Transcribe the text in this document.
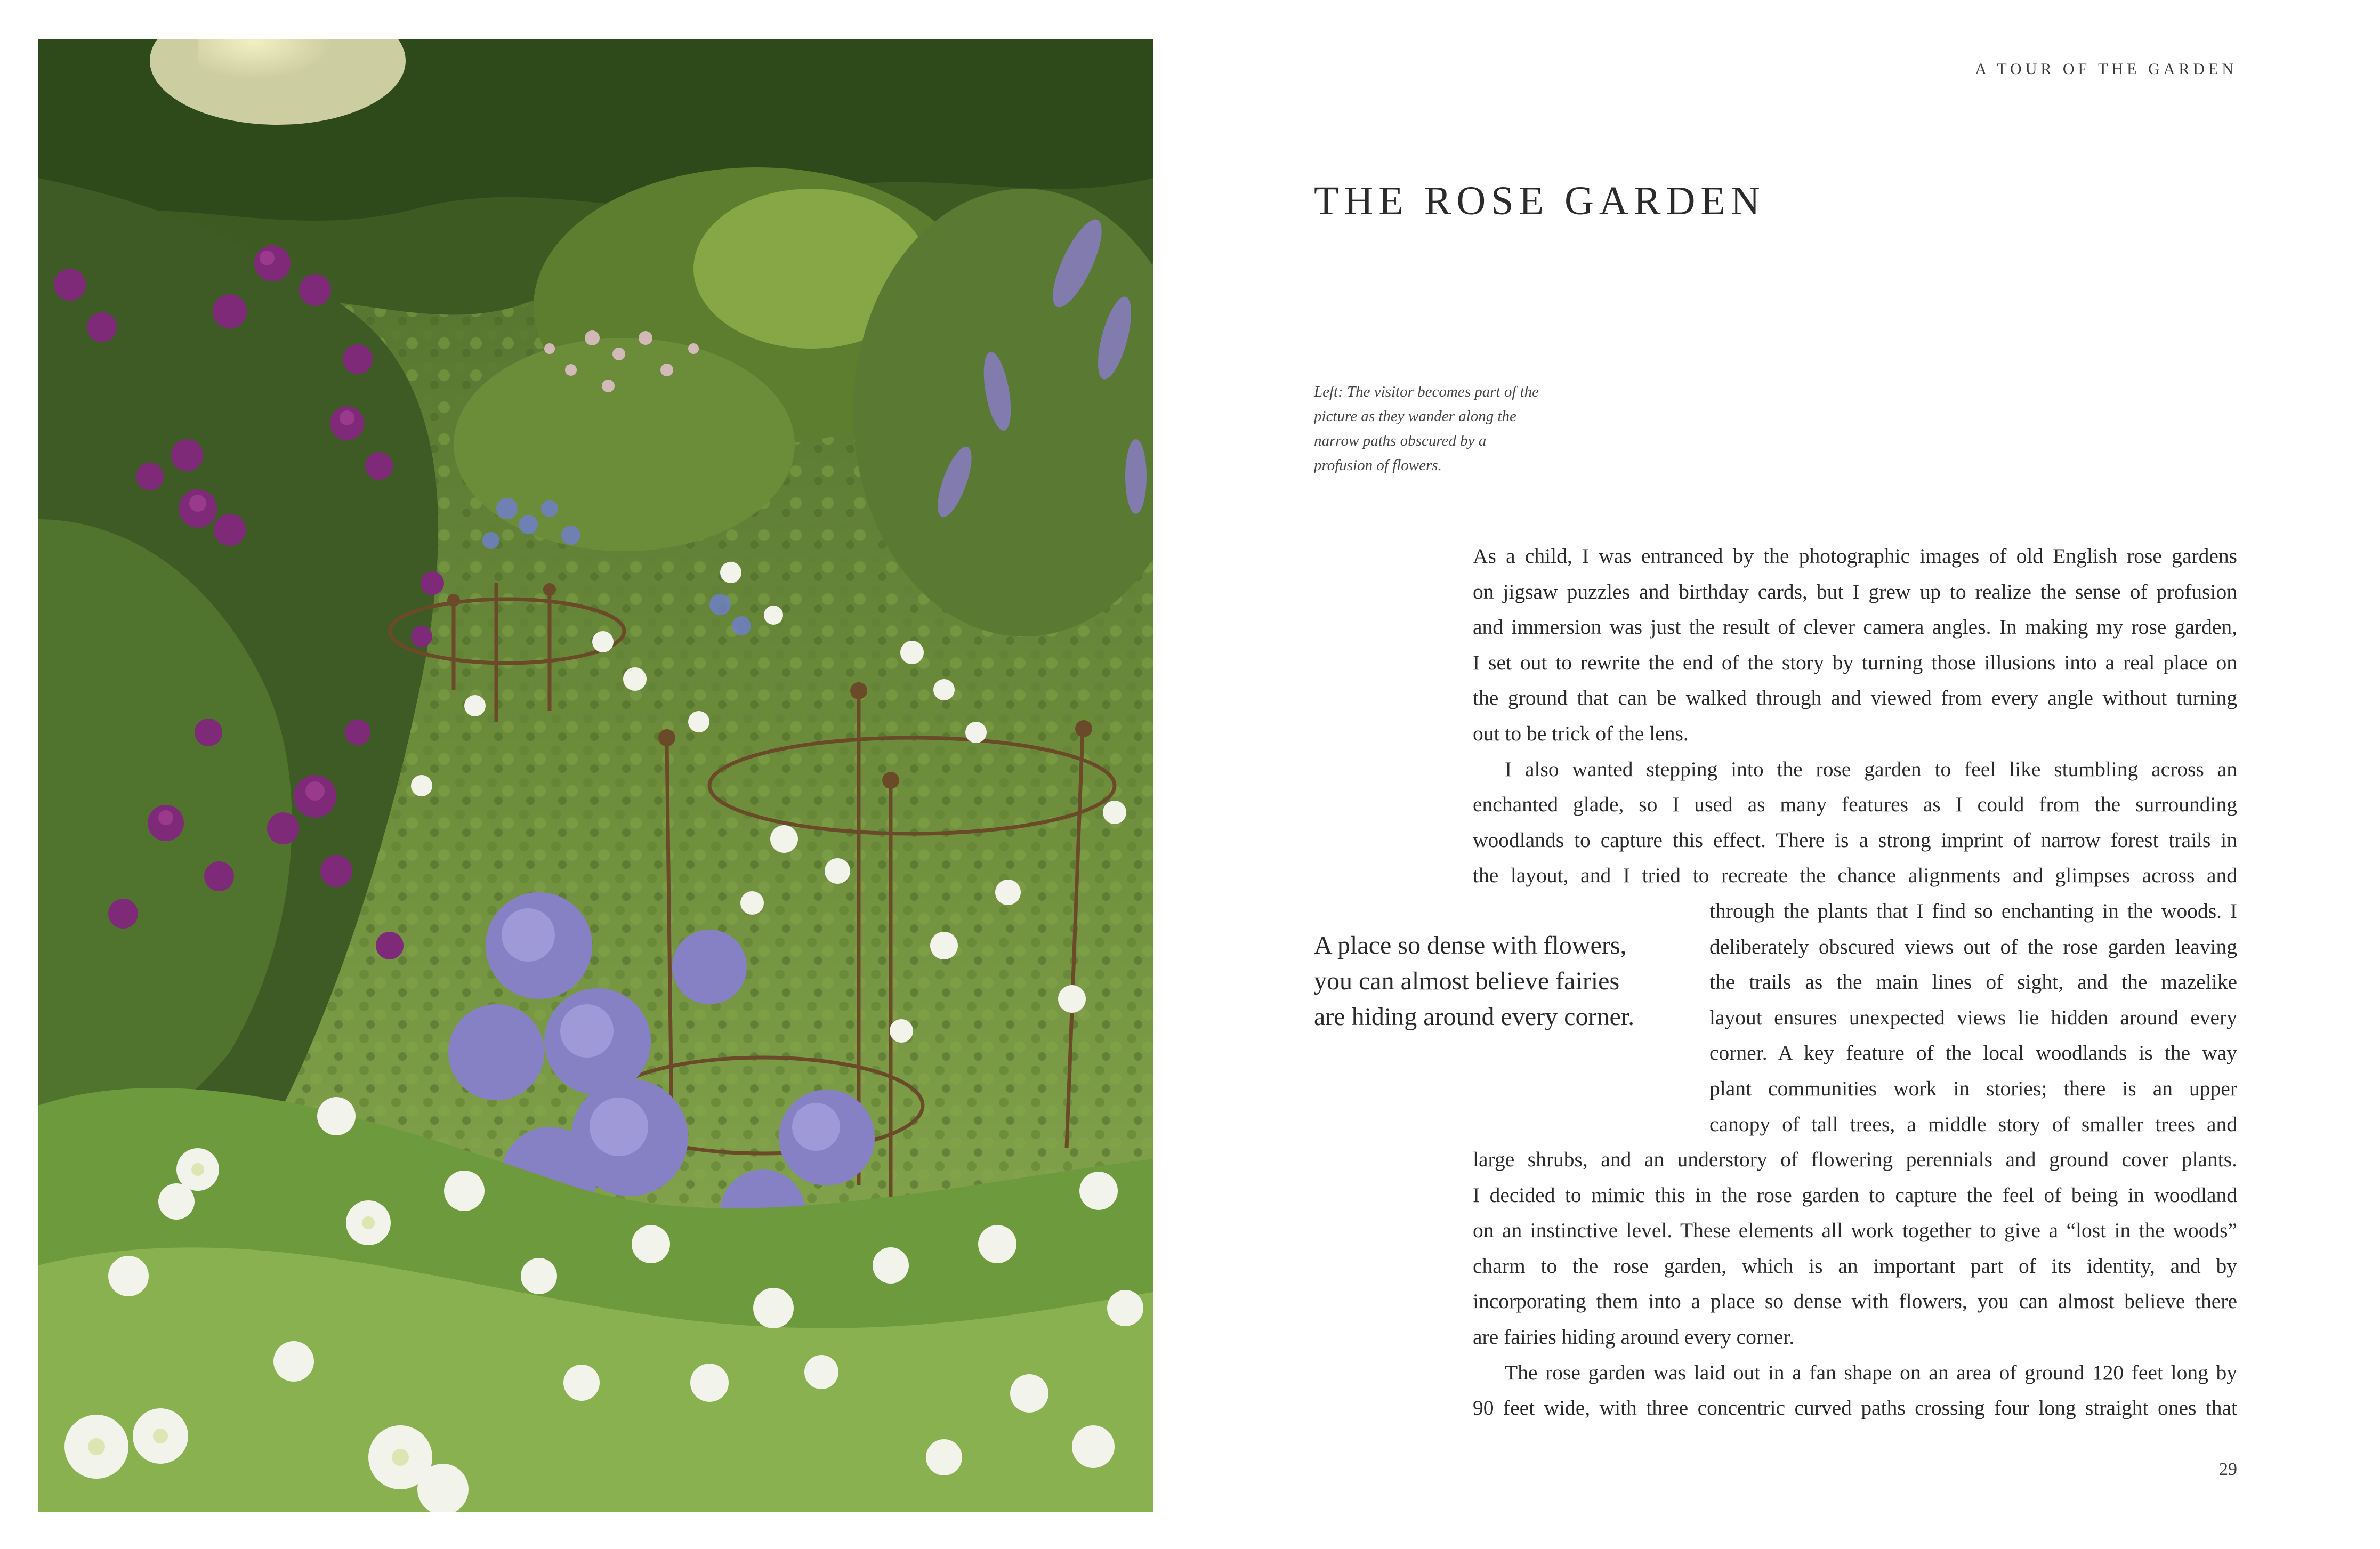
A TOUR OF THE GARDEN
THE ROSE GARDEN

Left: The visitor becomes part of the picture as they wander along the narrow paths obscured by a profusion of flowers.

A place so dense with flowers,
you can almost believe fairies
are hiding around every corner.

As a child, I was entranced by the photographic images of old English rose gardens
on jigsaw puzzles and birthday cards, but I grew up to realize the sense of profusion
and immersion was just the result of clever camera angles. In making my rose garden,
I set out to rewrite the end of the story by turning those illusions into a real place on
the ground that can be walked through and viewed from every angle without turning
out to be trick of the lens.
I also wanted stepping into the rose garden to feel like stumbling across an
enchanted glade, so I used as many features as I could from the surrounding
woodlands to capture this effect. There is a strong imprint of narrow forest trails in
the layout, and I tried to recreate the chance alignments and glimpses across and
through the plants that I find so enchanting in the woods. I
deliberately obscured views out of the rose garden leaving
the trails as the main lines of sight, and the mazelike
layout ensures unexpected views lie hidden around every
corner. A key feature of the local woodlands is the way
plant communities work in stories; there is an upper
canopy of tall trees, a middle story of smaller trees and
large shrubs, and an understory of flowering perennials and ground cover plants.
I decided to mimic this in the rose garden to capture the feel of being in woodland
on an instinctive level. These elements all work together to give a “lost in the woods”
charm to the rose garden, which is an important part of its identity, and by
incorporating them into a place so dense with flowers, you can almost believe there
are fairies hiding around every corner.
The rose garden was laid out in a fan shape on an area of ground 120 feet long by
90 feet wide, with three concentric curved paths crossing four long straight ones that
29
